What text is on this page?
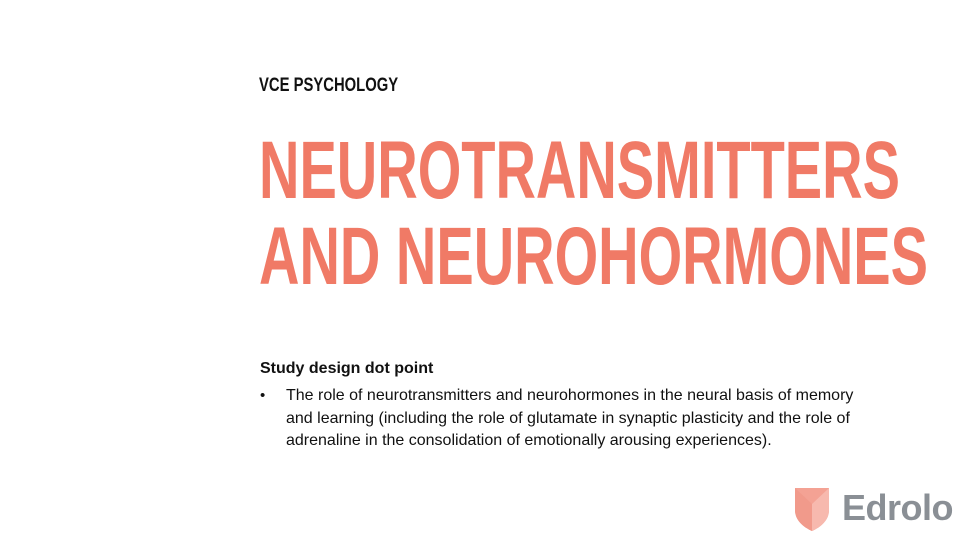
VCE PSYCHOLOGY
NEUROTRANSMITTERS
AND NEUROHORMONES
Study design dot point
•	The role of neurotransmitters and neurohormones in the neural basis of memory and learning (including the role of glutamate in synaptic plasticity and the role of adrenaline in the consolidation of emotionally arousing experiences).
Edrolo
